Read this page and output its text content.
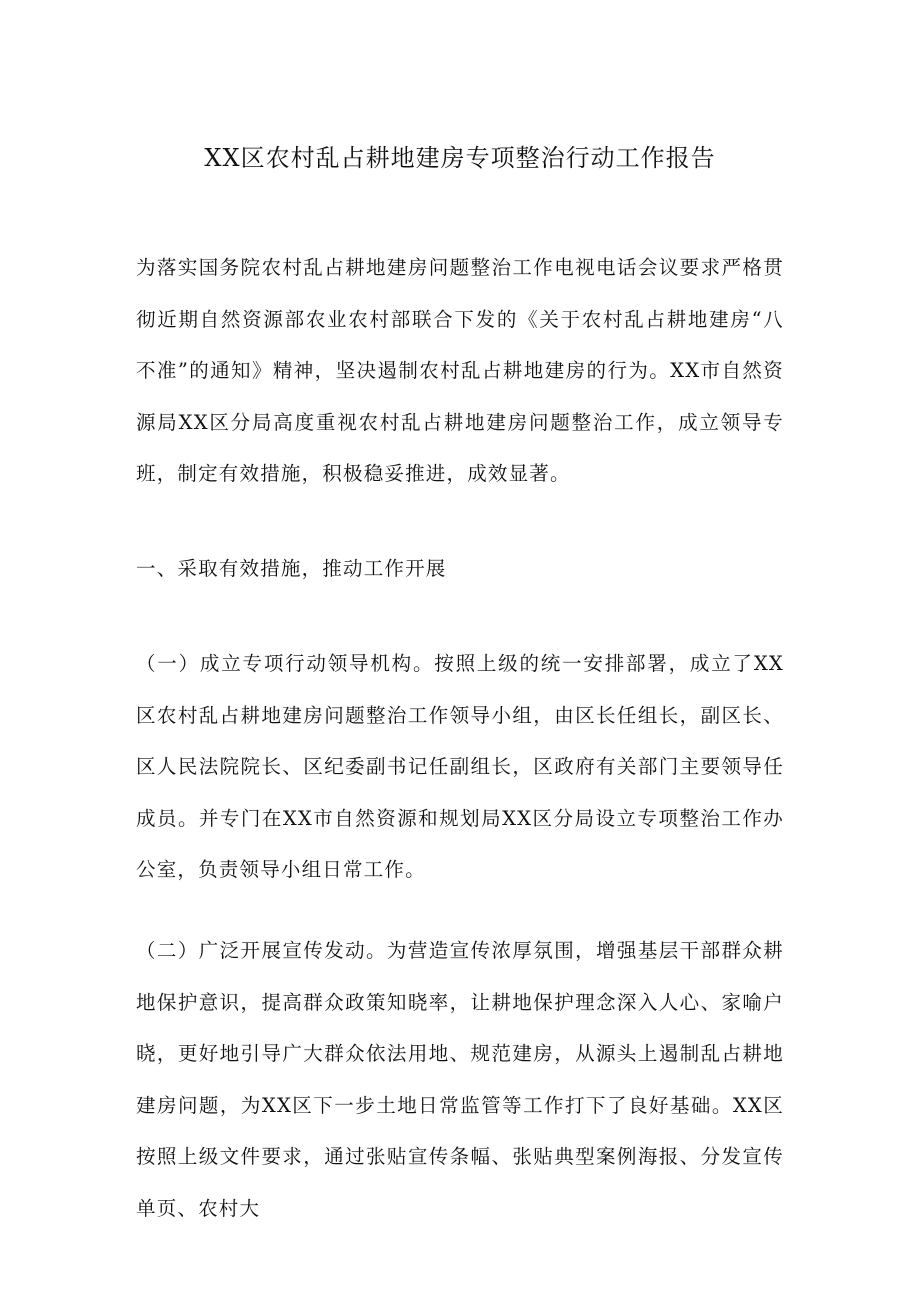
XX区农村乱占耕地建房专项整治行动工作报告

为落实国务院农村乱占耕地建房问题整治工作电视电话会议要求严格贯彻近期自然资源部农业农村部联合下发的《关于农村乱占耕地建房“八不准”的通知》精神，坚决遏制农村乱占耕地建房的行为。XX市自然资源局XX区分局高度重视农村乱占耕地建房问题整治工作，成立领导专班，制定有效措施，积极稳妥推进，成效显著。

一、采取有效措施，推动工作开展

（一）成立专项行动领导机构。按照上级的统一安排部署，成立了XX区农村乱占耕地建房问题整治工作领导小组，由区长任组长，副区长、区人民法院院长、区纪委副书记任副组长，区政府有关部门主要领导任成员。并专门在XX市自然资源和规划局XX区分局设立专项整治工作办公室，负责领导小组日常工作。

（二）广泛开展宣传发动。为营造宣传浓厚氛围，增强基层干部群众耕地保护意识，提高群众政策知晓率，让耕地保护理念深入人心、家喻户晓，更好地引导广大群众依法用地、规范建房，从源头上遏制乱占耕地建房问题，为XX区下一步土地日常监管等工作打下了良好基础。XX区按照上级文件要求，通过张贴宣传条幅、张贴典型案例海报、分发宣传单页、农村大
